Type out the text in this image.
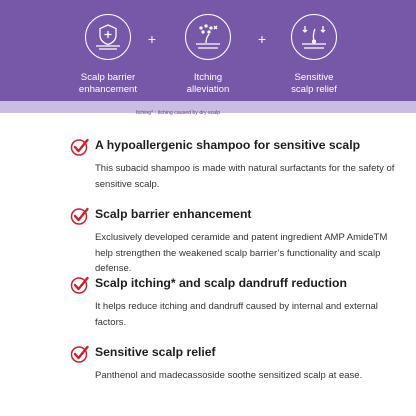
Scalp barrier
enhancement
+
Itching
alleviation
+
Sensitive
scalp relief
Itching* : Itching caused by dry scalp
A hypoallergenic shampoo for sensitive scalp
This subacid shampoo is made with natural surfactants for the safety of sensitive scalp.
Scalp barrier enhancement
Exclusively developed ceramide and patent ingredient AMP AmideTM help strengthen the weakened scalp barrier’s functionality and scalp defense.
Scalp itching* and scalp dandruff reduction
It helps reduce itching and dandruff caused by internal and external factors.
Sensitive scalp relief
Panthenol and madecassoside soothe sensitized scalp at ease.
